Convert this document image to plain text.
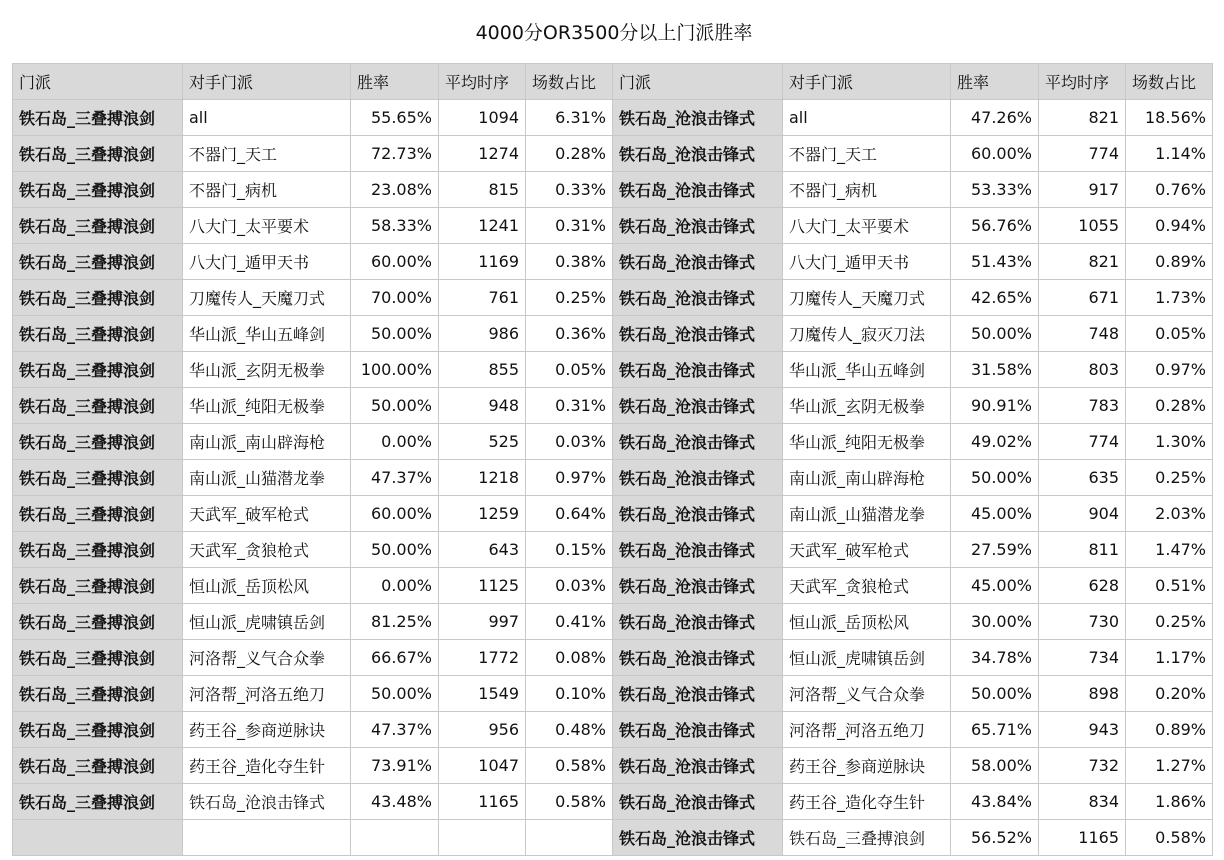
4000分OR3500分以上门派胜率
门派	对手门派	胜率	平均时序	场数占比	门派	对手门派	胜率	平均时序	场数占比
铁石岛_三叠搏浪剑	all	55.65%	1094	6.31%	铁石岛_沧浪击锋式	all	47.26%	821	18.56%
铁石岛_三叠搏浪剑	不器门_天工	72.73%	1274	0.28%	铁石岛_沧浪击锋式	不器门_天工	60.00%	774	1.14%
铁石岛_三叠搏浪剑	不器门_病机	23.08%	815	0.33%	铁石岛_沧浪击锋式	不器门_病机	53.33%	917	0.76%
铁石岛_三叠搏浪剑	八大门_太平要术	58.33%	1241	0.31%	铁石岛_沧浪击锋式	八大门_太平要术	56.76%	1055	0.94%
铁石岛_三叠搏浪剑	八大门_遁甲天书	60.00%	1169	0.38%	铁石岛_沧浪击锋式	八大门_遁甲天书	51.43%	821	0.89%
铁石岛_三叠搏浪剑	刀魔传人_天魔刀式	70.00%	761	0.25%	铁石岛_沧浪击锋式	刀魔传人_天魔刀式	42.65%	671	1.73%
铁石岛_三叠搏浪剑	华山派_华山五峰剑	50.00%	986	0.36%	铁石岛_沧浪击锋式	刀魔传人_寂灭刀法	50.00%	748	0.05%
铁石岛_三叠搏浪剑	华山派_玄阴无极拳	100.00%	855	0.05%	铁石岛_沧浪击锋式	华山派_华山五峰剑	31.58%	803	0.97%
铁石岛_三叠搏浪剑	华山派_纯阳无极拳	50.00%	948	0.31%	铁石岛_沧浪击锋式	华山派_玄阴无极拳	90.91%	783	0.28%
铁石岛_三叠搏浪剑	南山派_南山辟海枪	0.00%	525	0.03%	铁石岛_沧浪击锋式	华山派_纯阳无极拳	49.02%	774	1.30%
铁石岛_三叠搏浪剑	南山派_山猫潜龙拳	47.37%	1218	0.97%	铁石岛_沧浪击锋式	南山派_南山辟海枪	50.00%	635	0.25%
铁石岛_三叠搏浪剑	天武军_破军枪式	60.00%	1259	0.64%	铁石岛_沧浪击锋式	南山派_山猫潜龙拳	45.00%	904	2.03%
铁石岛_三叠搏浪剑	天武军_贪狼枪式	50.00%	643	0.15%	铁石岛_沧浪击锋式	天武军_破军枪式	27.59%	811	1.47%
铁石岛_三叠搏浪剑	恒山派_岳顶松风	0.00%	1125	0.03%	铁石岛_沧浪击锋式	天武军_贪狼枪式	45.00%	628	0.51%
铁石岛_三叠搏浪剑	恒山派_虎啸镇岳剑	81.25%	997	0.41%	铁石岛_沧浪击锋式	恒山派_岳顶松风	30.00%	730	0.25%
铁石岛_三叠搏浪剑	河洛帮_义气合众拳	66.67%	1772	0.08%	铁石岛_沧浪击锋式	恒山派_虎啸镇岳剑	34.78%	734	1.17%
铁石岛_三叠搏浪剑	河洛帮_河洛五绝刀	50.00%	1549	0.10%	铁石岛_沧浪击锋式	河洛帮_义气合众拳	50.00%	898	0.20%
铁石岛_三叠搏浪剑	药王谷_参商逆脉诀	47.37%	956	0.48%	铁石岛_沧浪击锋式	河洛帮_河洛五绝刀	65.71%	943	0.89%
铁石岛_三叠搏浪剑	药王谷_造化夺生针	73.91%	1047	0.58%	铁石岛_沧浪击锋式	药王谷_参商逆脉诀	58.00%	732	1.27%
铁石岛_三叠搏浪剑	铁石岛_沧浪击锋式	43.48%	1165	0.58%	铁石岛_沧浪击锋式	药王谷_造化夺生针	43.84%	834	1.86%
					铁石岛_沧浪击锋式	铁石岛_三叠搏浪剑	56.52%	1165	0.58%
